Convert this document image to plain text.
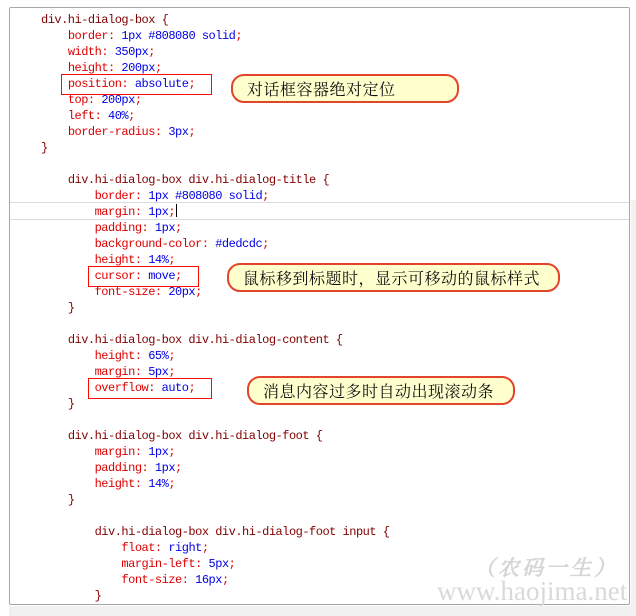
div.hi-dialog-box {
border: 1px #808080 solid;
width: 350px;
height: 200px;
position: absolute;
top: 200px;
left: 40%;
border-radius: 3px;
}
div.hi-dialog-box div.hi-dialog-title {
border: 1px #808080 solid;
margin: 1px;
padding: 1px;
background-color: #dedcdc;
height: 14%;
cursor: move;
font-size: 20px;
}
div.hi-dialog-box div.hi-dialog-content {
height: 65%;
margin: 5px;
overflow: auto;
}
div.hi-dialog-box div.hi-dialog-foot {
margin: 1px;
padding: 1px;
height: 14%;
}
div.hi-dialog-box div.hi-dialog-foot input {
float: right;
margin-left: 5px;
font-size: 16px;
}
对话框容器绝对定位
鼠标移到标题时，显示可移动的鼠标样式
消息内容过多时自动出现滚动条
（农码一生）
www.haojima.net
